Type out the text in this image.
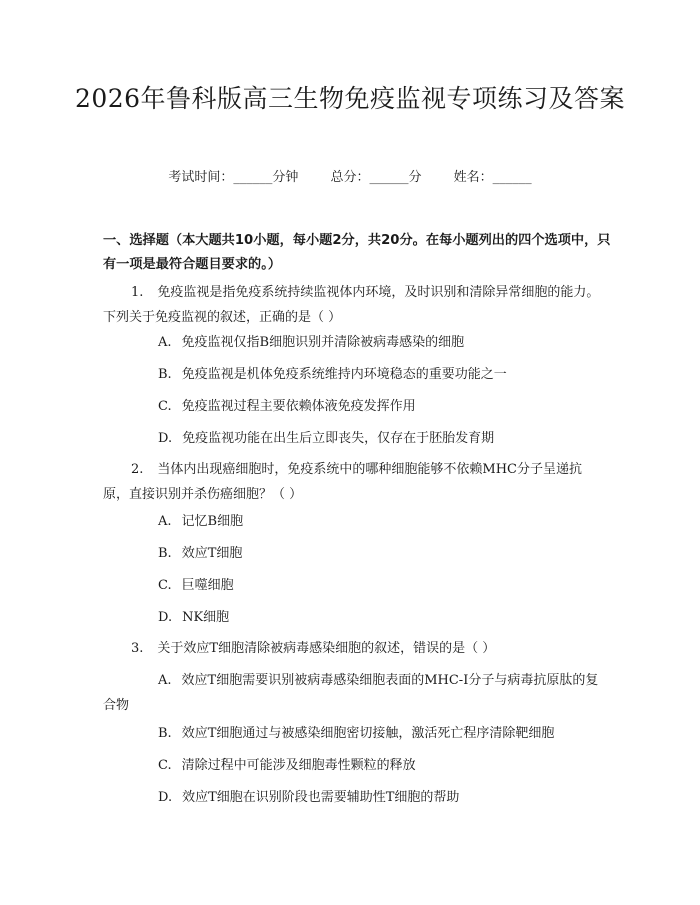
2026年鲁科版高三生物免疫监视专项练习及答案
考试时间：______分钟 总分：______分 姓名：______
一、选择题（本大题共10小题，每小题2分，共20分。在每小题列出的四个选项中，只有一项是最符合题目要求的。）
1. 免疫监视是指免疫系统持续监视体内环境，及时识别和清除异常细胞的能力。下列关于免疫监视的叙述，正确的是（ ）
A. 免疫监视仅指B细胞识别并清除被病毒感染的细胞
B. 免疫监视是机体免疫系统维持内环境稳态的重要功能之一
C. 免疫监视过程主要依赖体液免疫发挥作用
D. 免疫监视功能在出生后立即丧失，仅存在于胚胎发育期
2. 当体内出现癌细胞时，免疫系统中的哪种细胞能够不依赖MHC分子呈递抗原，直接识别并杀伤癌细胞？（ ）
A. 记忆B细胞
B. 效应T细胞
C. 巨噬细胞
D. NK细胞
3. 关于效应T细胞清除被病毒感染细胞的叙述，错误的是（ ）
A. 效应T细胞需要识别被病毒感染细胞表面的MHC-I分子与病毒抗原肽的复合物
B. 效应T细胞通过与被感染细胞密切接触，激活死亡程序清除靶细胞
C. 清除过程中可能涉及细胞毒性颗粒的释放
D. 效应T细胞在识别阶段也需要辅助性T细胞的帮助
